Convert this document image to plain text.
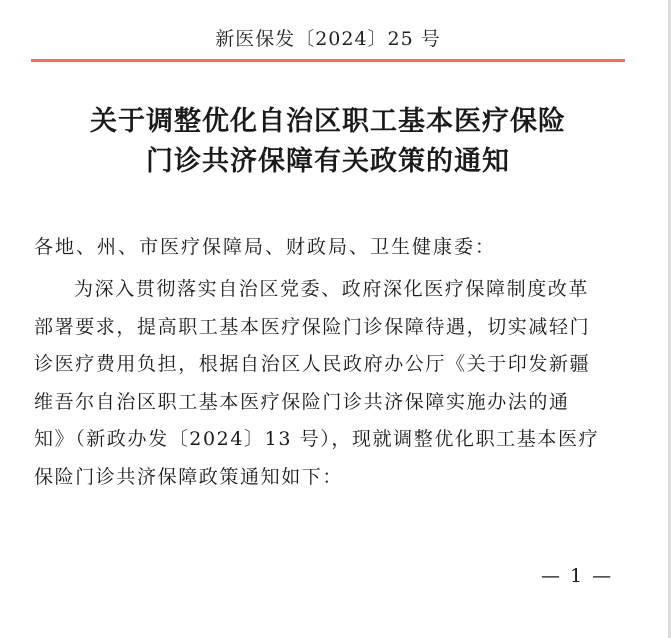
新医保发〔2024〕25 号
关于调整优化自治区职工基本医疗保险
门诊共济保障有关政策的通知
各地、州、市医疗保障局、财政局、卫生健康委：
为深入贯彻落实自治区党委、政府深化医疗保障制度改革
部署要求，提高职工基本医疗保险门诊保障待遇，切实减轻门
诊医疗费用负担，根据自治区人民政府办公厅《关于印发新疆
维吾尔自治区职工基本医疗保险门诊共济保障实施办法的通
知》（新政办发〔2024〕13 号），现就调整优化职工基本医疗
保险门诊共济保障政策通知如下：
— 1 —
